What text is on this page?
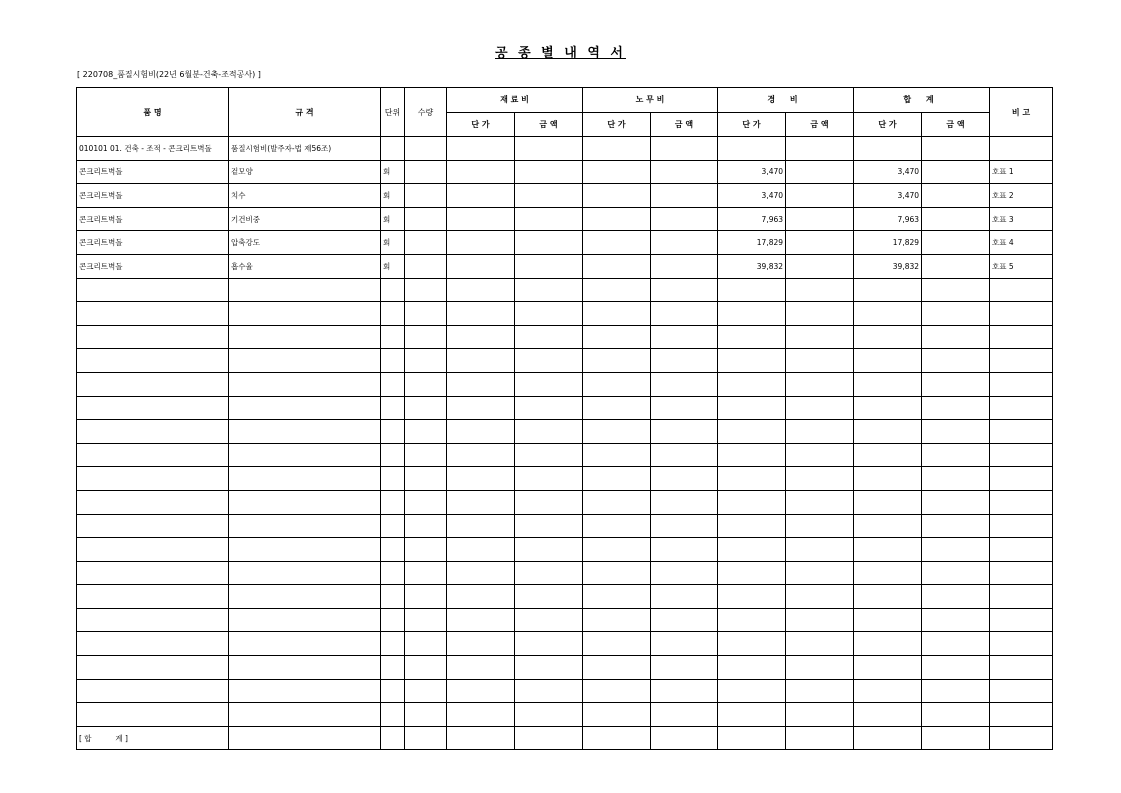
공 종 별 내 역 서
[ 220708_품질시험비(22년 6월분-건축-조적공사) ]
품 명	규 격	단위	수량	재 료 비		노 무 비		경 비		합 계		비 고
				단 가	금 액	단 가	금 액	단 가	금 액	단 가	금 액	
010101 01. 건축 - 조적 - 콘크리트벽돌	품질시험비(발주자-법 제56조)											
콘크리트벽돌	겉모양	회						3,470		3,470		호표 1
콘크리트벽돌	치수	회						3,470		3,470		호표 2
콘크리트벽돌	기건비중	회						7,963		7,963		호표 3
콘크리트벽돌	압축강도	회						17,829		17,829		호표 4
콘크리트벽돌	흡수율	회						39,832		39,832		호표 5

[ 합          계 ]												
